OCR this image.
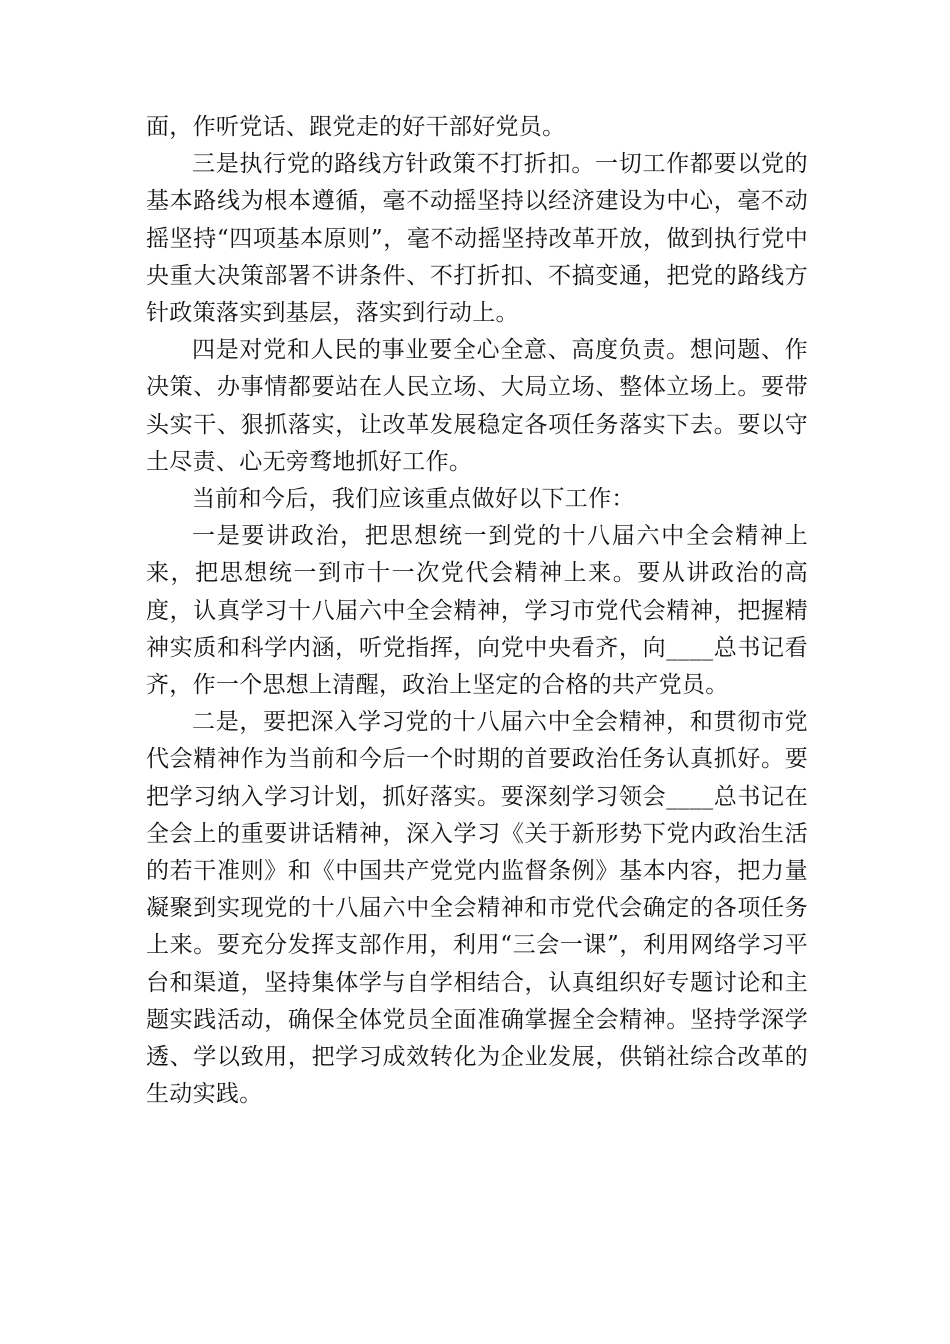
面，作听党话、跟党走的好干部好党员。

三是执行党的路线方针政策不打折扣。一切工作都要以党的基本路线为根本遵循，毫不动摇坚持以经济建设为中心，毫不动摇坚持“四项基本原则”，毫不动摇坚持改革开放，做到执行党中央重大决策部署不讲条件、不打折扣、不搞变通，把党的路线方针政策落实到基层，落实到行动上。

四是对党和人民的事业要全心全意、高度负责。想问题、作决策、办事情都要站在人民立场、大局立场、整体立场上。要带头实干、狠抓落实，让改革发展稳定各项任务落实下去。要以守土尽责、心无旁骛地抓好工作。

当前和今后，我们应该重点做好以下工作：

一是要讲政治，把思想统一到党的十八届六中全会精神上来，把思想统一到市十一次党代会精神上来。要从讲政治的高度，认真学习十八届六中全会精神，学习市党代会精神，把握精神实质和科学内涵，听党指挥，向党中央看齐，向____总书记看齐，作一个思想上清醒，政治上坚定的合格的共产党员。

二是，要把深入学习党的十八届六中全会精神，和贯彻市党代会精神作为当前和今后一个时期的首要政治任务认真抓好。要把学习纳入学习计划，抓好落实。要深刻学习领会____总书记在全会上的重要讲话精神，深入学习《关于新形势下党内政治生活的若干准则》和《中国共产党党内监督条例》基本内容，把力量凝聚到实现党的十八届六中全会精神和市党代会确定的各项任务上来。要充分发挥支部作用，利用“三会一课”，利用网络学习平台和渠道，坚持集体学与自学相结合，认真组织好专题讨论和主题实践活动，确保全体党员全面准确掌握全会精神。坚持学深学透、学以致用，把学习成效转化为企业发展，供销社综合改革的生动实践。
